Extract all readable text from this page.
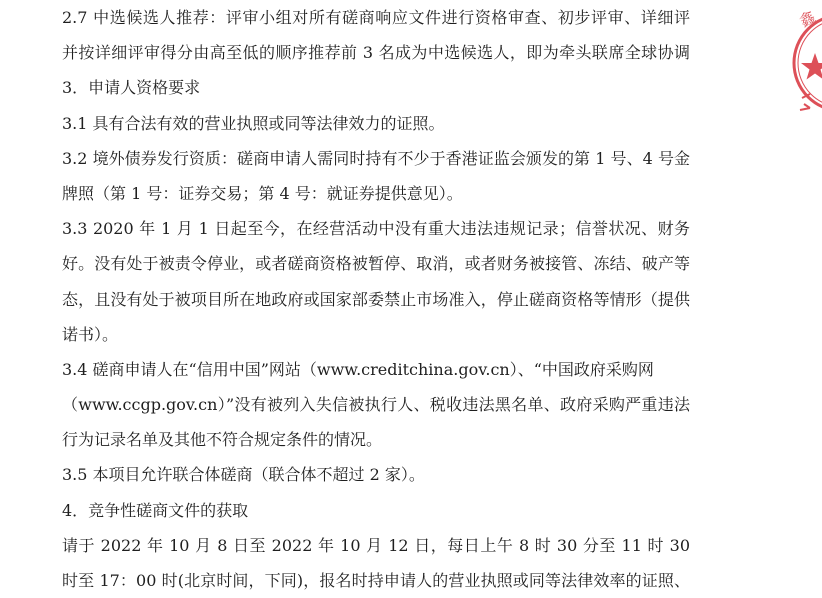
2.7 中选候选人推荐：评审小组对所有磋商响应文件进行资格审查、初步评审、详细评
并按详细评审得分由高至低的顺序推荐前 3 名成为中选候选人，即为牵头联席全球协调
3．申请人资格要求
3.1 具有合法有效的营业执照或同等法律效力的证照。
3.2 境外债券发行资质：磋商申请人需同时持有不少于香港证监会颁发的第 1 号、4 号金
牌照（第 1 号：证券交易；第 4 号：就证券提供意见）。
3.3 2020 年 1 月 1 日起至今，在经营活动中没有重大违法违规记录；信誉状况、财务
好。没有处于被责令停业，或者磋商资格被暂停、取消，或者财务被接管、冻结、破产等
态，且没有处于被项目所在地政府或国家部委禁止市场准入，停止磋商资格等情形（提供
诺书）。
3.4 磋商申请人在“信用中国”网站（www.creditchina.gov.cn）、“中国政府采购网
（www.ccgp.gov.cn）”没有被列入失信被执行人、税收违法黑名单、政府采购严重违法
行为记录名单及其他不符合规定条件的情况。
3.5 本项目允许联合体磋商（联合体不超过 2 家）。
4．竞争性磋商文件的获取
请于 2022 年 10 月 8 日至 2022 年 10 月 12 日，每日上午 8 时 30 分至 11 时 30
时至 17：00 时(北京时间，下同)，报名时持申请人的营业执照或同等法律效率的证照、
鑫
